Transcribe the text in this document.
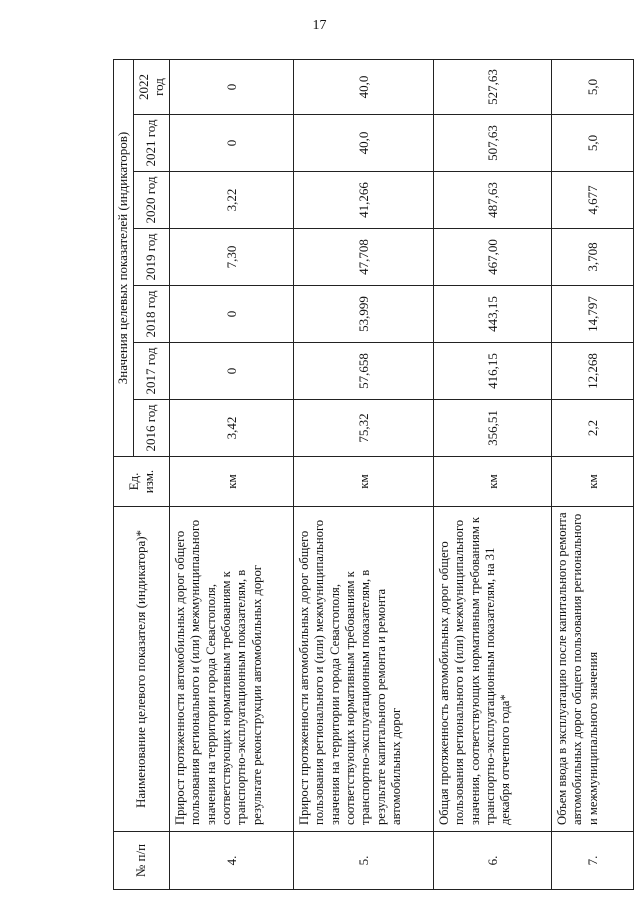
17
№ п/п	Наименование целевого показателя (индикатора)*	Ед. изм.	Значения целевых показателей (индикаторов)						
			2016 год	2017 год	2018 год	2019 год	2020 год	2021 год	2022 год
4.	Прирост протяженности автомобильных дорог общего пользования регионального и (или) межмуниципального значения на территории города Севастополя, соответствующих нормативным требованиям к транспортно-эксплуатационным показателям, в результате реконструкции автомобильных дорог	км	3,42	0	0	7,30	3,22	0	0
5.	Прирост протяженности автомобильных дорог общего пользования регионального и (или) межмуниципального значения на территории города Севастополя, соответствующих нормативным требованиям к транспортно-эксплуатационным показателям, в результате капитального ремонта и ремонта автомобильных дорог	км	75,32	57,658	53,999	47,708	41,266	40,0	40,0
6.	Общая протяженность автомобильных дорог общего пользования регионального и (или) межмуниципального значения, соответствующих нормативным требованиям к транспортно-эксплуатационным показателям, на 31 декабря отчетного года*	км	356,51	416,15	443,15	467,00	487,63	507,63	527,63
7.	Объем ввода в эксплуатацию после капитального ремонта автомобильных дорог общего пользования регионального и межмуниципального значения	км	2,2	12,268	14,797	3,708	4,677	5,0	5,0
